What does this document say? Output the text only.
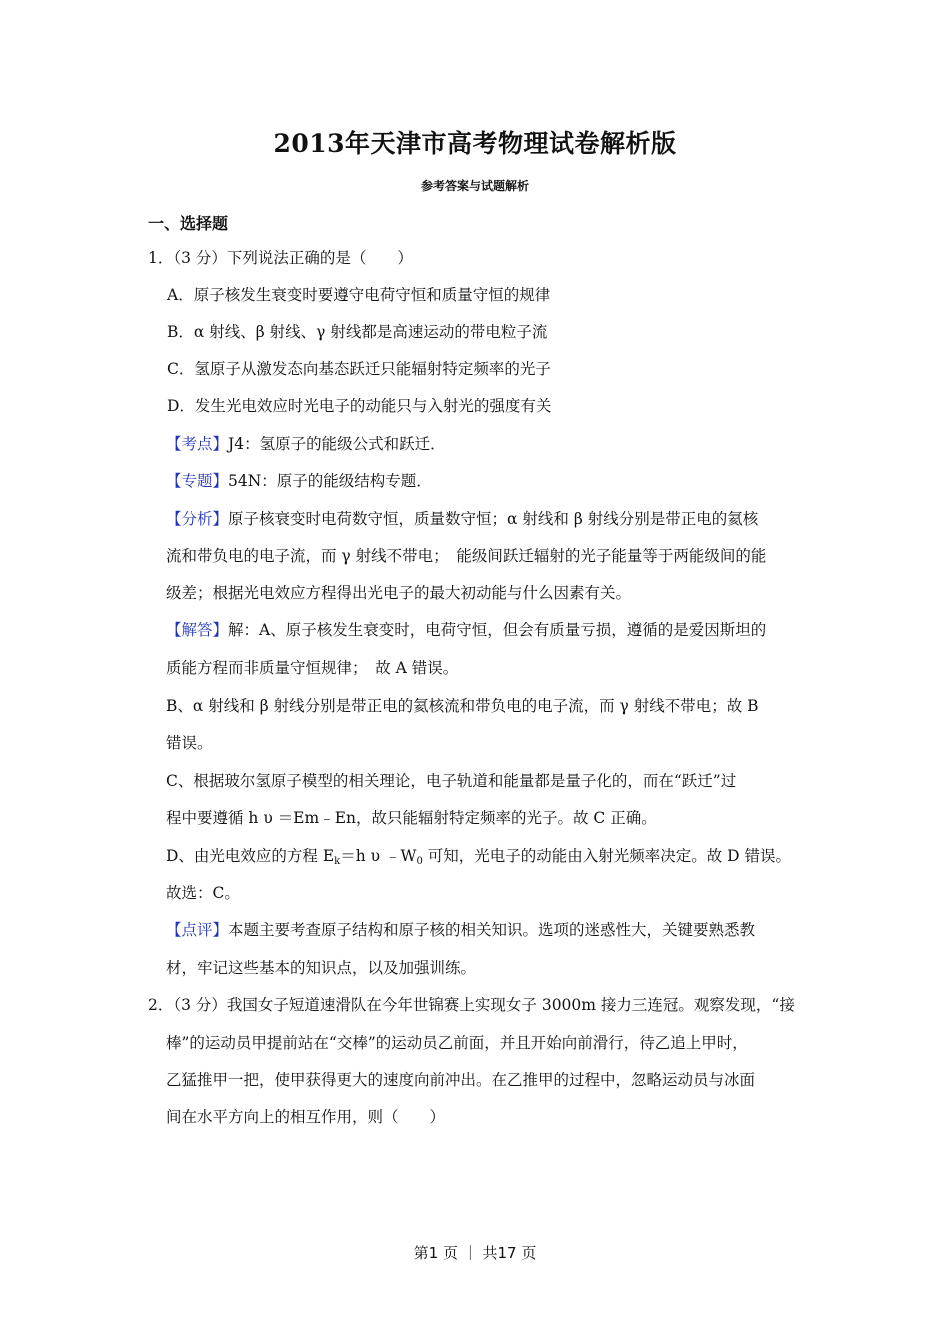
2013年天津市高考物理试卷解析版
参考答案与试题解析
一、选择题
1．（3 分）下列说法正确的是（　　）
A．原子核发生衰变时要遵守电荷守恒和质量守恒的规律
B．α 射线、β 射线、γ 射线都是高速运动的带电粒子流
C．氢原子从激发态向基态跃迁只能辐射特定频率的光子
D．发生光电效应时光电子的动能只与入射光的强度有关
【考点】J4：氢原子的能级公式和跃迁．
【专题】54N：原子的能级结构专题．
【分析】原子核衰变时电荷数守恒，质量数守恒；α 射线和 β 射线分别是带正电的氦核
流和带负电的电子流，而 γ 射线不带电；　能级间跃迁辐射的光子能量等于两能级间的能
级差；根据光电效应方程得出光电子的最大初动能与什么因素有关。
【解答】解：A、原子核发生衰变时，电荷守恒，但会有质量亏损，遵循的是爱因斯坦的
质能方程而非质量守恒规律；　故 A 错误。
B、α 射线和 β 射线分别是带正电的氦核流和带负电的电子流，而 γ 射线不带电；故 B
错误。
C、根据玻尔氢原子模型的相关理论，电子轨道和能量都是量子化的，而在“跃迁”过
程中要遵循 h υ ＝Em﹣En，故只能辐射特定频率的光子。故 C 正确。
D、由光电效应的方程 $E_k=h$ υ $﹣W_0$ 可知，光电子的动能由入射光频率决定。故 D 错误。
故选：C。
【点评】本题主要考查原子结构和原子核的相关知识。选项的迷惑性大，关键要熟悉教
材，牢记这些基本的知识点，以及加强训练。
2．（3 分）我国女子短道速滑队在今年世锦赛上实现女子 3000m 接力三连冠。观察发现，“接
棒”的运动员甲提前站在“交棒”的运动员乙前面，并且开始向前滑行，待乙追上甲时，
乙猛推甲一把，使甲获得更大的速度向前冲出。在乙推甲的过程中，忽略运动员与冰面
间在水平方向上的相互作用，则（　　）
第1 页 ｜ 共17 页
